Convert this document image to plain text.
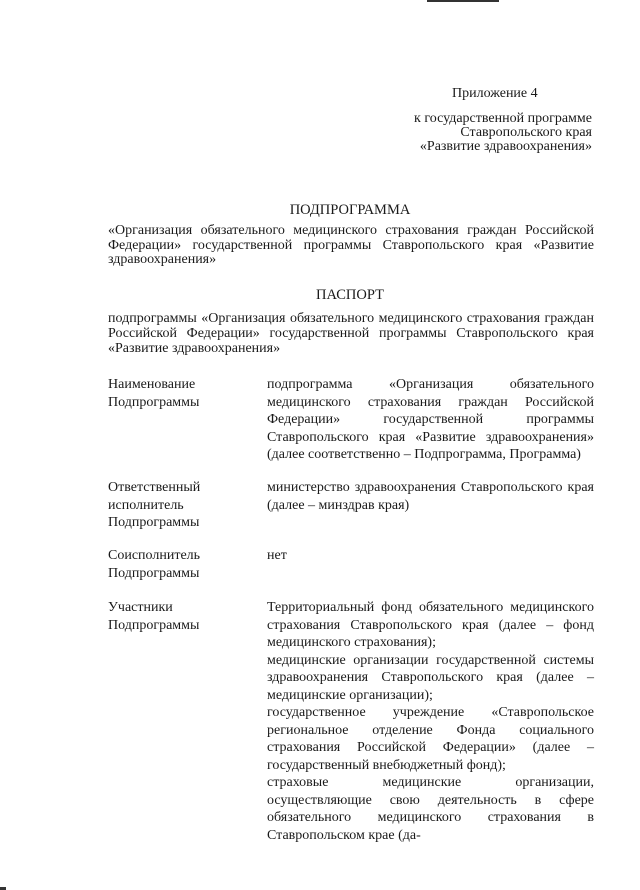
Приложение 4
к государственной программе
Ставропольского края
«Развитие здравоохранения»
ПОДПРОГРАММА
«Организация обязательного медицинского страхования граждан Российской Федерации» государственной программы Ставропольского края «Развитие здравоохранения»
ПАСПОРТ
подпрограммы «Организация обязательного медицинского страхования граждан Российской Федерации» государственной программы Ставропольского края «Развитие здравоохранения»
Наименование Подпрограммы
подпрограмма «Организация обязательного медицинского страхования граждан Российской Федерации» государственной программы Ставропольского края «Развитие здравоохранения» (далее соответственно – Подпрограмма, Программа)
Ответственный исполнитель Подпрограммы
министерство здравоохранения Ставропольского края (далее – минздрав края)
Соисполнитель Подпрограммы
нет
Участники Подпрограммы

Территориальный фонд обязательного медицинского страхования Ставропольского края (далее – фонд медицинского страхования);

медицинские организации государственной системы здравоохранения Ставропольского края (далее – медицинские организации);

государственное учреждение «Ставропольское региональное отделение Фонда социального страхования Российской Федерации» (далее – государственный внебюджетный фонд);

страховые медицинские организации, осуществляющие свою деятельность в сфере обязательного медицинского страхования в Ставропольском крае (да-
